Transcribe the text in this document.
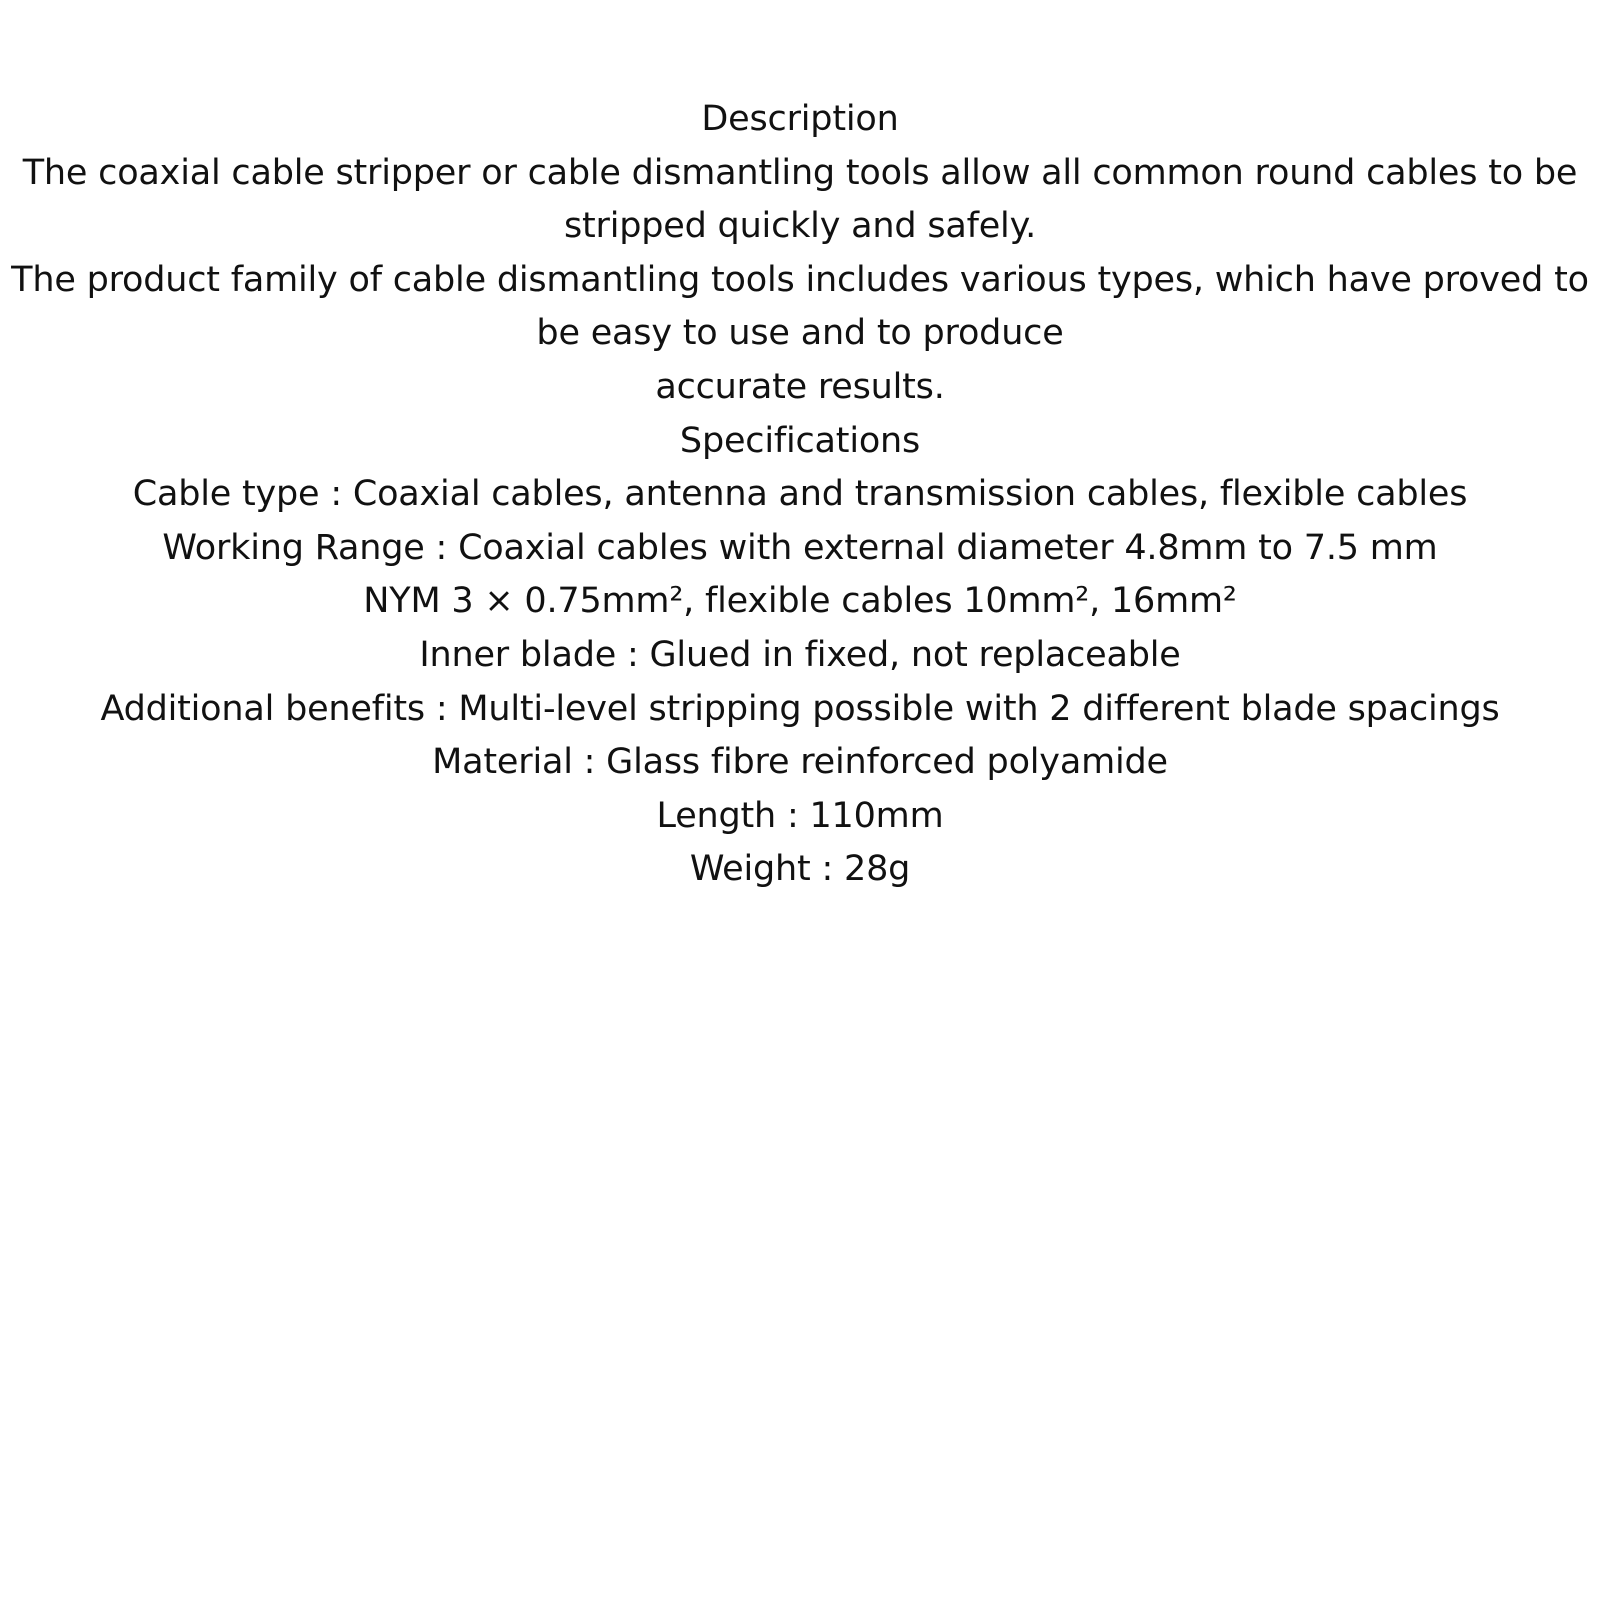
Description
The coaxial cable stripper or cable dismantling tools allow all common round cables to be stripped quickly and safely.
The product family of cable dismantling tools includes various types, which have proved to be easy to use and to produce
accurate results.
Specifications
Cable type : Coaxial cables, antenna and transmission cables, flexible cables
Working Range : Coaxial cables with external diameter 4.8mm to 7.5 mm
NYM 3 × 0.75mm², flexible cables 10mm², 16mm²
Inner blade : Glued in fixed, not replaceable
Additional benefits : Multi-level stripping possible with 2 different blade spacings
Material : Glass fibre reinforced polyamide
Length : 110mm
Weight : 28g
